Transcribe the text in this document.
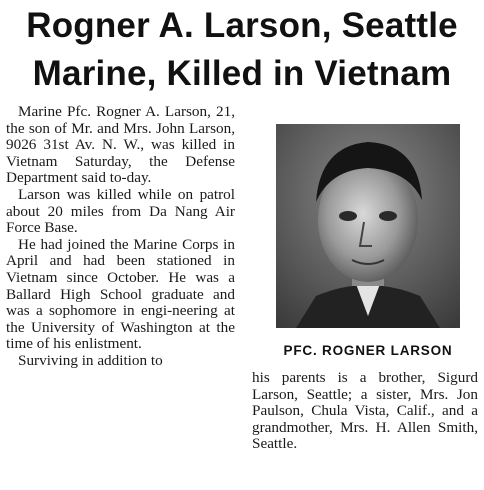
Rogner A. Larson, Seattle
Marine, Killed in Vietnam

Marine Pfc. Rogner A. Larson, 21, the son of Mr. and Mrs. John Larson, 9026 31st Av. N. W., was killed in Vietnam Saturday, the Defense Department said to-day.

Larson was killed while on patrol about 20 miles from Da Nang Air Force Base.

He had joined the Marine Corps in April and had been stationed in Vietnam since October. He was a Ballard High School graduate and was a sophomore in engi-neering at the University of Washington at the time of his enlistment.

Surviving in addition to

PFC. ROGNER LARSON
his parents is a brother, Sigurd Larson, Seattle; a sister, Mrs. Jon Paulson, Chula Vista, Calif., and a grandmother, Mrs. H. Allen Smith, Seattle.
